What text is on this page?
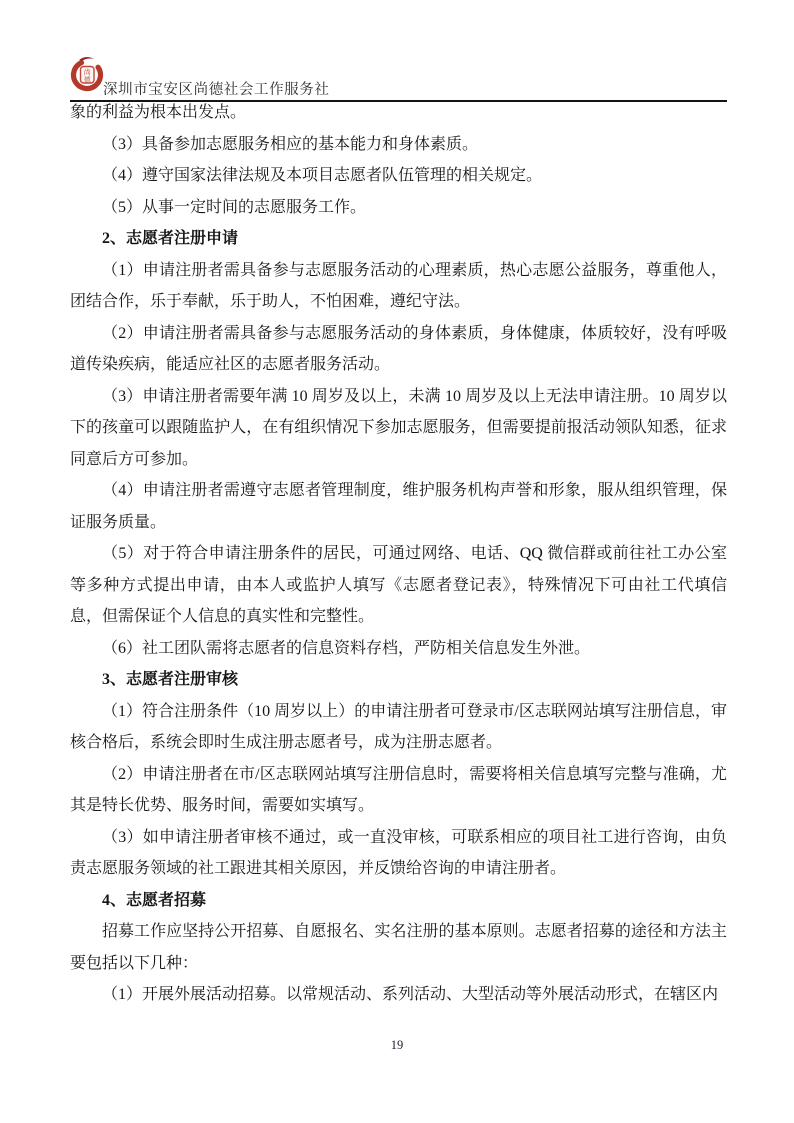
尚
德
深圳市宝安区尚德社会工作服务社

象的利益为根本出发点。

（3）具备参加志愿服务相应的基本能力和身体素质。

（4）遵守国家法律法规及本项目志愿者队伍管理的相关规定。

（5）从事一定时间的志愿服务工作。

2、志愿者注册申请

（1）申请注册者需具备参与志愿服务活动的心理素质，热心志愿公益服务，尊重他人，团结合作，乐于奉献，乐于助人，不怕困难，遵纪守法。

（2）申请注册者需具备参与志愿服务活动的身体素质，身体健康，体质较好，没有呼吸道传染疾病，能适应社区的志愿者服务活动。

（3）申请注册者需要年满 10 周岁及以上，未满 10 周岁及以上无法申请注册。10 周岁以下的孩童可以跟随监护人，在有组织情况下参加志愿服务，但需要提前报活动领队知悉，征求同意后方可参加。

（4）申请注册者需遵守志愿者管理制度，维护服务机构声誉和形象，服从组织管理，保证服务质量。

（5）对于符合申请注册条件的居民，可通过网络、电话、QQ 微信群或前往社工办公室等多种方式提出申请，由本人或监护人填写《志愿者登记表》，特殊情况下可由社工代填信息，但需保证个人信息的真实性和完整性。

（6）社工团队需将志愿者的信息资料存档，严防相关信息发生外泄。

3、志愿者注册审核

（1）符合注册条件（10 周岁以上）的申请注册者可登录市/区志联网站填写注册信息，审核合格后，系统会即时生成注册志愿者号，成为注册志愿者。

（2）申请注册者在市/区志联网站填写注册信息时，需要将相关信息填写完整与准确，尤其是特长优势、服务时间，需要如实填写。

（3）如申请注册者审核不通过，或一直没审核，可联系相应的项目社工进行咨询，由负责志愿服务领域的社工跟进其相关原因，并反馈给咨询的申请注册者。

4、志愿者招募

招募工作应坚持公开招募、自愿报名、实名注册的基本原则。志愿者招募的途径和方法主要包括以下几种：

（1）开展外展活动招募。以常规活动、系列活动、大型活动等外展活动形式，在辖区内

19
